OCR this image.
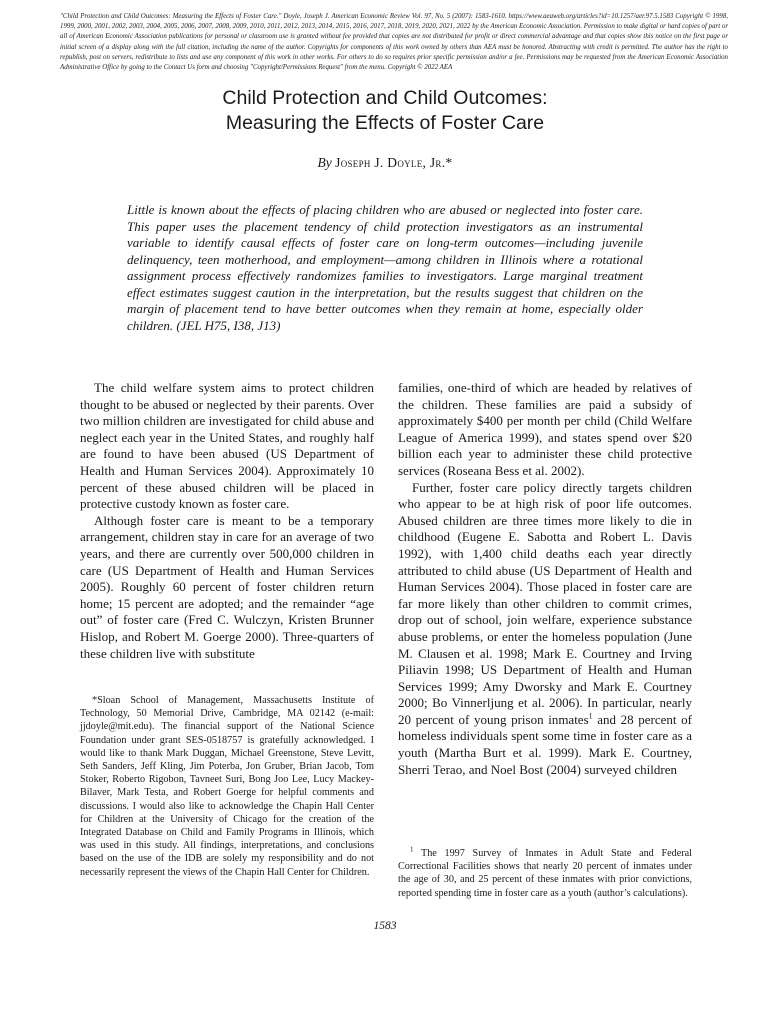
"Child Protection and Child Outcomes: Measuring the Effects of Foster Care." Doyle, Joseph J. American Economic Review Vol. 97, No. 5 (2007): 1583-1610. https://www.aeaweb.org/articles?id=10.1257/aer.97.5.1583 Copyright © 1998, 1999, 2000, 2001, 2002, 2003, 2004, 2005, 2006, 2007, 2008, 2009, 2010, 2011, 2012, 2013, 2014, 2015, 2016, 2017, 2018, 2019, 2020, 2021, 2022 by the American Economic Association. Permission to make digital or hard copies of part or all of American Economic Association publications for personal or classroom use is granted without fee provided that copies are not distributed for profit or direct commercial advantage and that copies show this notice on the first page or initial screen of a display along with the full citation, including the name of the author. Copyrights for components of this work owned by others than AEA must be honored. Abstracting with credit is permitted. The author has the right to republish, post on servers, redistribute to lists and use any component of this work in other works. For others to do so requires prior specific permission and/or a fee. Permissions may be requested from the American Economic Association Administrative Office by going to the Contact Us form and choosing "Copyright/Permissions Request" from the menu. Copyright © 2022 AEA

Child Protection and Child Outcomes:
Measuring the Effects of Foster Care

By Joseph J. Doyle, Jr.*

Little is known about the effects of placing children who are abused or neglected into foster care. This paper uses the placement tendency of child protection investigators as an instrumental variable to identify causal effects of foster care on long-term outcomes—including juvenile delinquency, teen motherhood, and employment—among children in Illinois where a rotational assignment process effectively randomizes families to investigators. Large marginal treatment effect estimates suggest caution in the interpretation, but the results suggest that children on the margin of placement tend to have better outcomes when they remain at home, especially older children. (JEL H75, I38, J13)

The child welfare system aims to protect children thought to be abused or neglected by their parents. Over two million children are investigated for child abuse and neglect each year in the United States, and roughly half are found to have been abused (US Department of Health and Human Services 2004). Approximately 10 percent of these abused children will be placed in protective custody known as foster care.

Although foster care is meant to be a temporary arrangement, children stay in care for an average of two years, and there are currently over 500,000 children in care (US Department of Health and Human Services 2005). Roughly 60 percent of foster children return home; 15 percent are adopted; and the remainder “age out” of foster care (Fred C. Wulczyn, Kristen Brunner Hislop, and Robert M. Goerge 2000). Three-quarters of these children live with substitute

families, one-third of which are headed by relatives of the children. These families are paid a subsidy of approximately $400 per month per child (Child Welfare League of America 1999), and states spend over $20 billion each year to administer these child protective services (Roseana Bess et al. 2002).

Further, foster care policy directly targets children who appear to be at high risk of poor life outcomes. Abused children are three times more likely to die in childhood (Eugene E. Sabotta and Robert L. Davis 1992), with 1,400 child deaths each year directly attributed to child abuse (US Department of Health and Human Services 2004). Those placed in foster care are far more likely than other children to commit crimes, drop out of school, join welfare, experience substance abuse problems, or enter the homeless population (June M. Clausen et al. 1998; Mark E. Courtney and Irving Piliavin 1998; US Department of Health and Human Services 1999; Amy Dworsky and Mark E. Courtney 2000; Bo Vinnerljung et al. 2006). In particular, nearly 20 percent of young prison inmates$^1$ and 28 percent of homeless individuals spent some time in foster care as a youth (Martha Burt et al. 1999). Mark E. Courtney, Sherri Terao, and Noel Bost (2004) surveyed children

*Sloan School of Management, Massachusetts Institute of Technology, 50 Memorial Drive, Cambridge, MA 02142 (e-mail: jjdoyle@mit.edu). The financial support of the National Science Foundation under grant SES-0518757 is gratefully acknowledged. I would like to thank Mark Duggan, Michael Greenstone, Steve Levitt, Seth Sanders, Jeff Kling, Jim Poterba, Jon Gruber, Brian Jacob, Tom Stoker, Roberto Rigobon, Tavneet Suri, Bong Joo Lee, Lucy Mackey-Bilaver, Mark Testa, and Robert Goerge for helpful comments and discussions. I would also like to acknowledge the Chapin Hall Center for Children at the University of Chicago for the creation of the Integrated Database on Child and Family Programs in Illinois, which was used in this study. All findings, interpretations, and conclusions based on the use of the IDB are solely my responsibility and do not necessarily represent the views of the Chapin Hall Center for Children.

$^1$ The 1997 Survey of Inmates in Adult State and Federal Correctional Facilities shows that nearly 20 percent of inmates under the age of 30, and 25 percent of these inmates with prior convictions, reported spending time in foster care as a youth (author’s calculations).

1583
